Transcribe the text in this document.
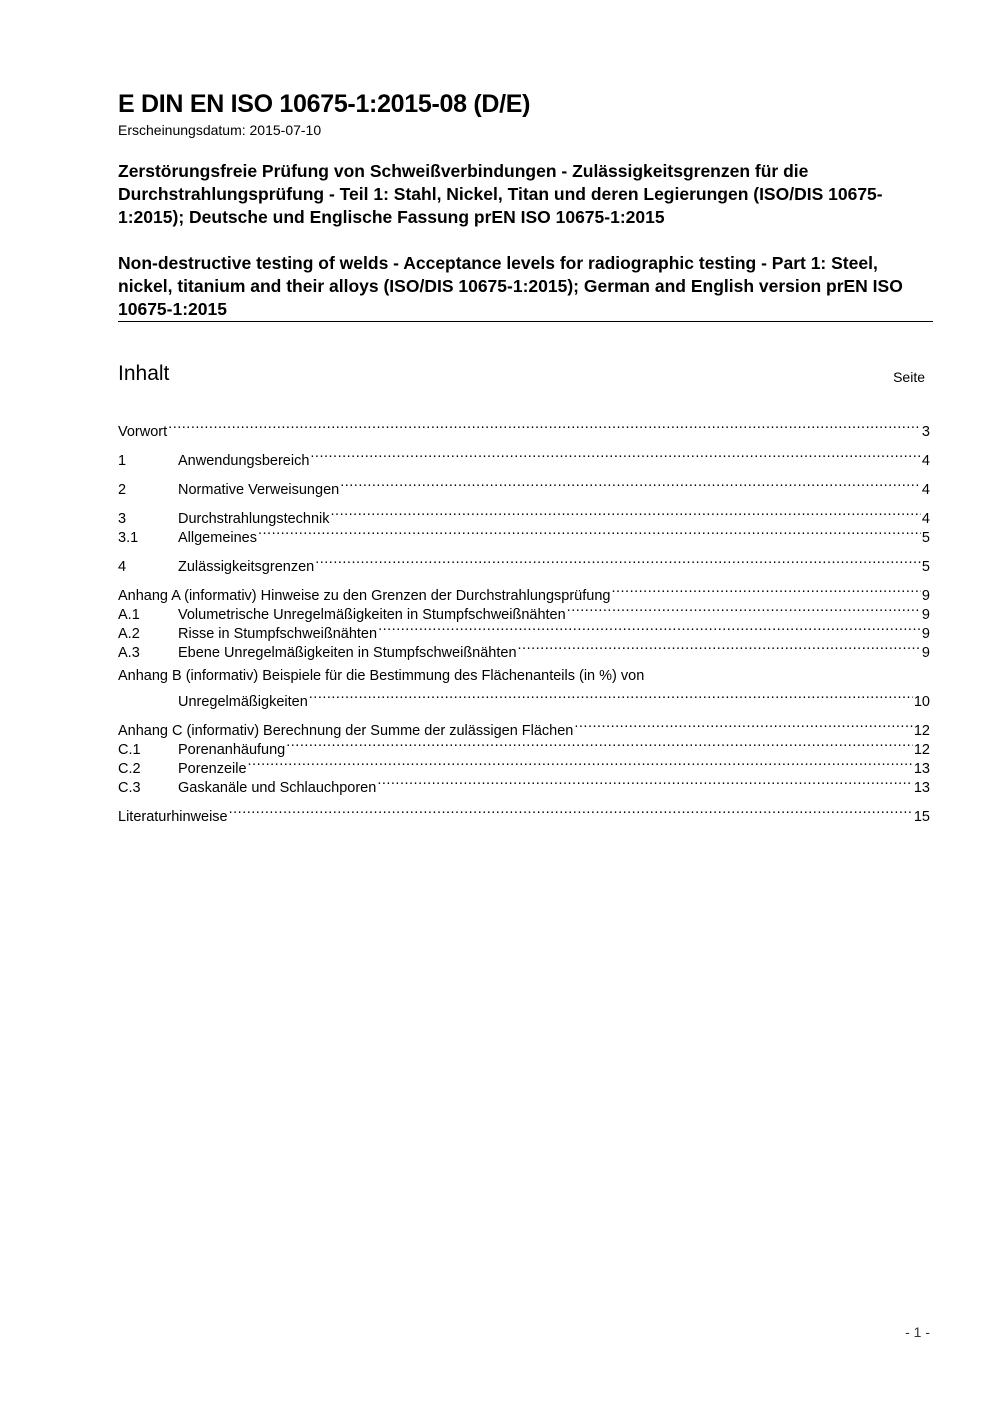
E DIN EN ISO 10675-1:2015-08 (D/E)
Erscheinungsdatum: 2015-07-10
Zerstörungsfreie Prüfung von Schweißverbindungen - Zulässigkeitsgrenzen für die Durchstrahlungsprüfung - Teil 1: Stahl, Nickel, Titan und deren Legierungen (ISO/DIS 10675-1:2015); Deutsche und Englische Fassung prEN ISO 10675-1:2015
Non-destructive testing of welds - Acceptance levels for radiographic testing - Part 1: Steel, nickel, titanium and their alloys (ISO/DIS 10675-1:2015); German and English version prEN ISO 10675-1:2015
Inhalt	Seite
Vorwort .....	3
1	Anwendungsbereich .....	4
2	Normative Verweisungen .....	4
3	Durchstrahlungstechnik .....	4
3.1	Allgemeines .....	5
4	Zulässigkeitsgrenzen .....	5
Anhang A (informativ) Hinweise zu den Grenzen der Durchstrahlungsprüfung .....	9
A.1	Volumetrische Unregelmäßigkeiten in Stumpfschweißnähten .....	9
A.2	Risse in Stumpfschweißnähten .....	9
A.3	Ebene Unregelmäßigkeiten in Stumpfschweißnähten .....	9
Anhang B (informativ) Beispiele für die Bestimmung des Flächenanteils (in %) von
Unregelmäßigkeiten .....	10
Anhang C (informativ) Berechnung der Summe der zulässigen Flächen .....	12
C.1	Porenanhäufung .....	12
C.2	Porenzeile .....	13
C.3	Gaskanäle und Schlauchporen .....	13
Literaturhinweise .....	15
- 1 -
